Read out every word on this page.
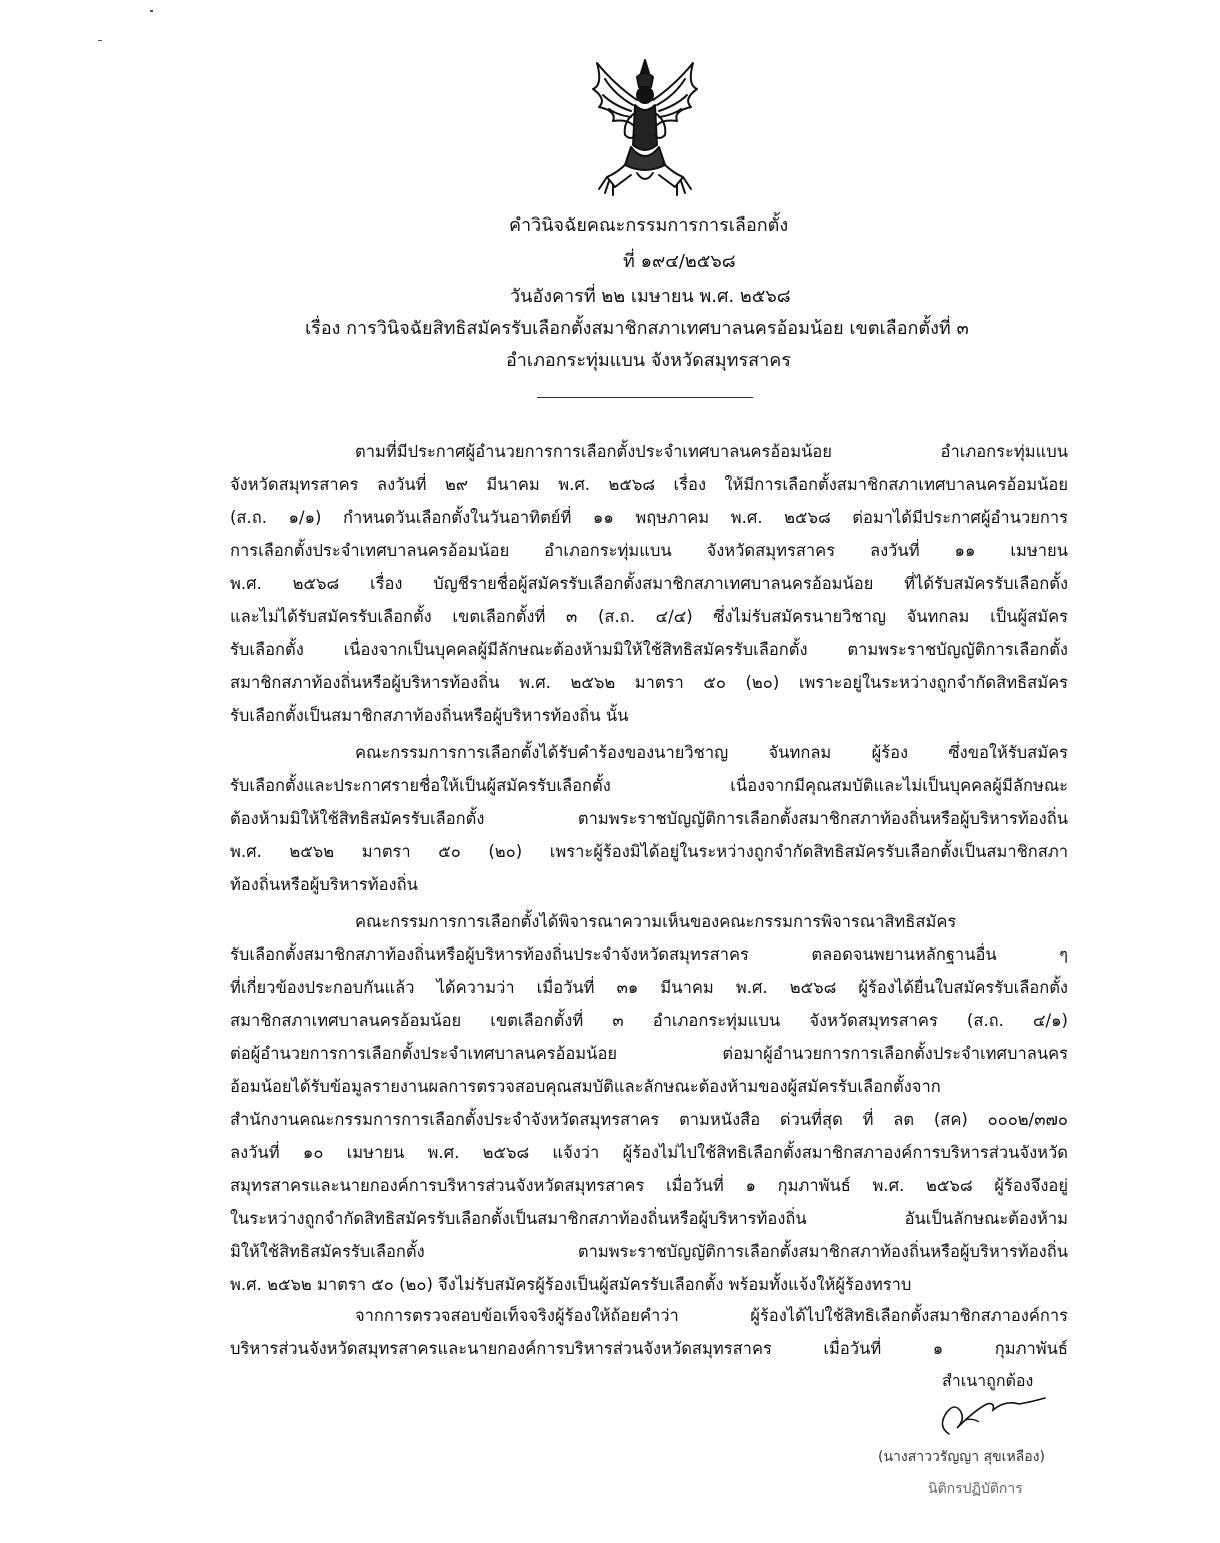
คำวินิจฉัยคณะกรรมการการเลือกตั้ง
ที่ ๑๙๔/๒๕๖๘
วันอังคารที่ ๒๒ เมษายน พ.ศ. ๒๕๖๘
เรื่อง การวินิจฉัยสิทธิสมัครรับเลือกตั้งสมาชิกสภาเทศบาลนครอ้อมน้อย เขตเลือกตั้งที่ ๓
อำเภอกระทุ่มแบน จังหวัดสมุทรสาคร
ตามที่มีประกาศผู้อำนวยการการเลือกตั้งประจำเทศบาลนครอ้อมน้อย อำเภอกระทุ่มแบน
จังหวัดสมุทรสาคร ลงวันที่ ๒๙ มีนาคม พ.ศ. ๒๕๖๘ เรื่อง ให้มีการเลือกตั้งสมาชิกสภาเทศบาลนครอ้อมน้อย
(ส.ถ. ๑/๑) กำหนดวันเลือกตั้งในวันอาทิตย์ที่ ๑๑ พฤษภาคม พ.ศ. ๒๕๖๘ ต่อมาได้มีประกาศผู้อำนวยการ
การเลือกตั้งประจำเทศบาลนครอ้อมน้อย อำเภอกระทุ่มแบน จังหวัดสมุทรสาคร ลงวันที่ ๑๑ เมษายน
พ.ศ. ๒๕๖๘ เรื่อง บัญชีรายชื่อผู้สมัครรับเลือกตั้งสมาชิกสภาเทศบาลนครอ้อมน้อย ที่ได้รับสมัครรับเลือกตั้ง
และไม่ได้รับสมัครรับเลือกตั้ง เขตเลือกตั้งที่ ๓ (ส.ถ. ๔/๔) ซึ่งไม่รับสมัครนายวิชาญ จันทกลม เป็นผู้สมัคร
รับเลือกตั้ง เนื่องจากเป็นบุคคลผู้มีลักษณะต้องห้ามมิให้ใช้สิทธิสมัครรับเลือกตั้ง ตามพระราชบัญญัติการเลือกตั้ง
สมาชิกสภาท้องถิ่นหรือผู้บริหารท้องถิ่น พ.ศ. ๒๕๖๒ มาตรา ๕๐ (๒๐) เพราะอยู่ในระหว่างถูกจำกัดสิทธิสมัคร
รับเลือกตั้งเป็นสมาชิกสภาท้องถิ่นหรือผู้บริหารท้องถิ่น นั้น
คณะกรรมการการเลือกตั้งได้รับคำร้องของนายวิชาญ จันทกลม ผู้ร้อง ซึ่งขอให้รับสมัคร
รับเลือกตั้งและประกาศรายชื่อให้เป็นผู้สมัครรับเลือกตั้ง เนื่องจากมีคุณสมบัติและไม่เป็นบุคคลผู้มีลักษณะ
ต้องห้ามมิให้ใช้สิทธิสมัครรับเลือกตั้ง ตามพระราชบัญญัติการเลือกตั้งสมาชิกสภาท้องถิ่นหรือผู้บริหารท้องถิ่น
พ.ศ. ๒๕๖๒ มาตรา ๕๐ (๒๐) เพราะผู้ร้องมิได้อยู่ในระหว่างถูกจำกัดสิทธิสมัครรับเลือกตั้งเป็นสมาชิกสภา
ท้องถิ่นหรือผู้บริหารท้องถิ่น
คณะกรรมการการเลือกตั้งได้พิจารณาความเห็นของคณะกรรมการพิจารณาสิทธิสมัคร
รับเลือกตั้งสมาชิกสภาท้องถิ่นหรือผู้บริหารท้องถิ่นประจำจังหวัดสมุทรสาคร ตลอดจนพยานหลักฐานอื่น ๆ
ที่เกี่ยวข้องประกอบกันแล้ว ได้ความว่า เมื่อวันที่ ๓๑ มีนาคม พ.ศ. ๒๕๖๘ ผู้ร้องได้ยื่นใบสมัครรับเลือกตั้ง
สมาชิกสภาเทศบาลนครอ้อมน้อย เขตเลือกตั้งที่ ๓ อำเภอกระทุ่มแบน จังหวัดสมุทรสาคร (ส.ถ. ๔/๑)
ต่อผู้อำนวยการการเลือกตั้งประจำเทศบาลนครอ้อมน้อย ต่อมาผู้อำนวยการการเลือกตั้งประจำเทศบาลนคร
อ้อมน้อยได้รับข้อมูลรายงานผลการตรวจสอบคุณสมบัติและลักษณะต้องห้ามของผู้สมัครรับเลือกตั้งจาก
สำนักงานคณะกรรมการการเลือกตั้งประจำจังหวัดสมุทรสาคร ตามหนังสือ ด่วนที่สุด ที่ ลต (สค) ๐๐๐๒/๓๗๐
ลงวันที่ ๑๐ เมษายน พ.ศ. ๒๕๖๘ แจ้งว่า ผู้ร้องไม่ไปใช้สิทธิเลือกตั้งสมาชิกสภาองค์การบริหารส่วนจังหวัด
สมุทรสาครและนายกองค์การบริหารส่วนจังหวัดสมุทรสาคร เมื่อวันที่ ๑ กุมภาพันธ์ พ.ศ. ๒๕๖๘ ผู้ร้องจึงอยู่
ในระหว่างถูกจำกัดสิทธิสมัครรับเลือกตั้งเป็นสมาชิกสภาท้องถิ่นหรือผู้บริหารท้องถิ่น อันเป็นลักษณะต้องห้าม
มิให้ใช้สิทธิสมัครรับเลือกตั้ง ตามพระราชบัญญัติการเลือกตั้งสมาชิกสภาท้องถิ่นหรือผู้บริหารท้องถิ่น
พ.ศ. ๒๕๖๒ มาตรา ๕๐ (๒๐) จึงไม่รับสมัครผู้ร้องเป็นผู้สมัครรับเลือกตั้ง พร้อมทั้งแจ้งให้ผู้ร้องทราบ
จากการตรวจสอบข้อเท็จจริงผู้ร้องให้ถ้อยคำว่า ผู้ร้องได้ไปใช้สิทธิเลือกตั้งสมาชิกสภาองค์การ
บริหารส่วนจังหวัดสมุทรสาครและนายกองค์การบริหารส่วนจังหวัดสมุทรสาคร เมื่อวันที่ ๑ กุมภาพันธ์
สำเนาถูกต้อง
(นางสาววรัญญา สุขเหลือง)
นิติกรปฏิบัติการ
